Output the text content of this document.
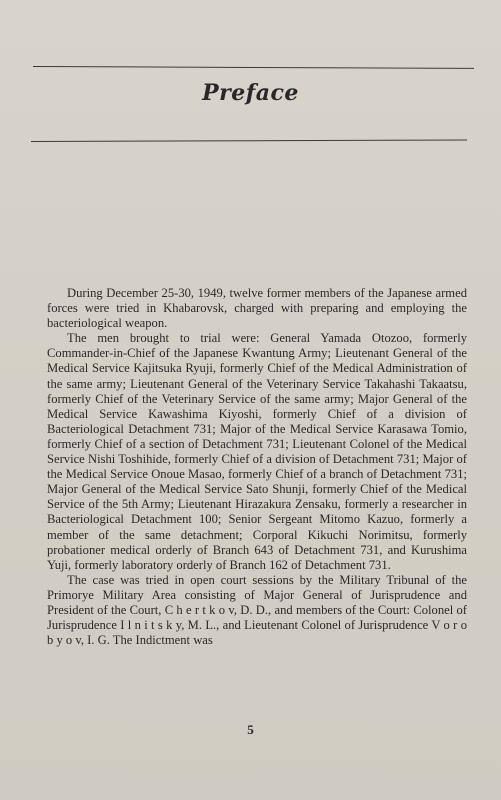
Preface

During December 25-30, 1949, twelve former members of the Japanese armed forces were tried in Khabarovsk, charged with preparing and employing the bacteriological weapon.

The men brought to trial were: General Yamada Otozoo, formerly Commander-in-Chief of the Japanese Kwantung Army; Lieutenant General of the Medical Service Kajitsuka Ryuji, formerly Chief of the Medical Administration of the same army; Lieutenant General of the Veterinary Service Takahashi Takaatsu, formerly Chief of the Veterinary Service of the same army; Major General of the Medical Service Kawashima Kiyoshi, formerly Chief of a division of Bacteriological Detachment 731; Major of the Medical Service Karasawa Tomio, formerly Chief of a section of Detachment 731; Lieutenant Colonel of the Medical Service Nishi Toshihide, formerly Chief of a division of Detachment 731; Major of the Medical Service Onoue Masao, formerly Chief of a branch of Detachment 731; Major General of the Medical Service Sato Shunji, formerly Chief of the Medical Service of the 5th Army; Lieutenant Hirazakura Zensaku, formerly a researcher in Bacteriological Detachment 100; Senior Sergeant Mitomo Kazuo, formerly a member of the same detachment; Corporal Kikuchi Norimitsu, formerly probationer medical orderly of Branch 643 of Detachment 731, and Kurushima Yuji, formerly laboratory orderly of Branch 162 of Detachment 731.

The case was tried in open court sessions by the Military Tribunal of the Primorye Military Area consisting of Major General of Jurisprudence and President of the Court, C h e r t k o v, D. D., and members of the Court: Colonel of Jurisprudence I l n i t s k y, M. L., and Lieutenant Colonel of Jurisprudence V o r o b y o v, I. G. The Indictment was

5
